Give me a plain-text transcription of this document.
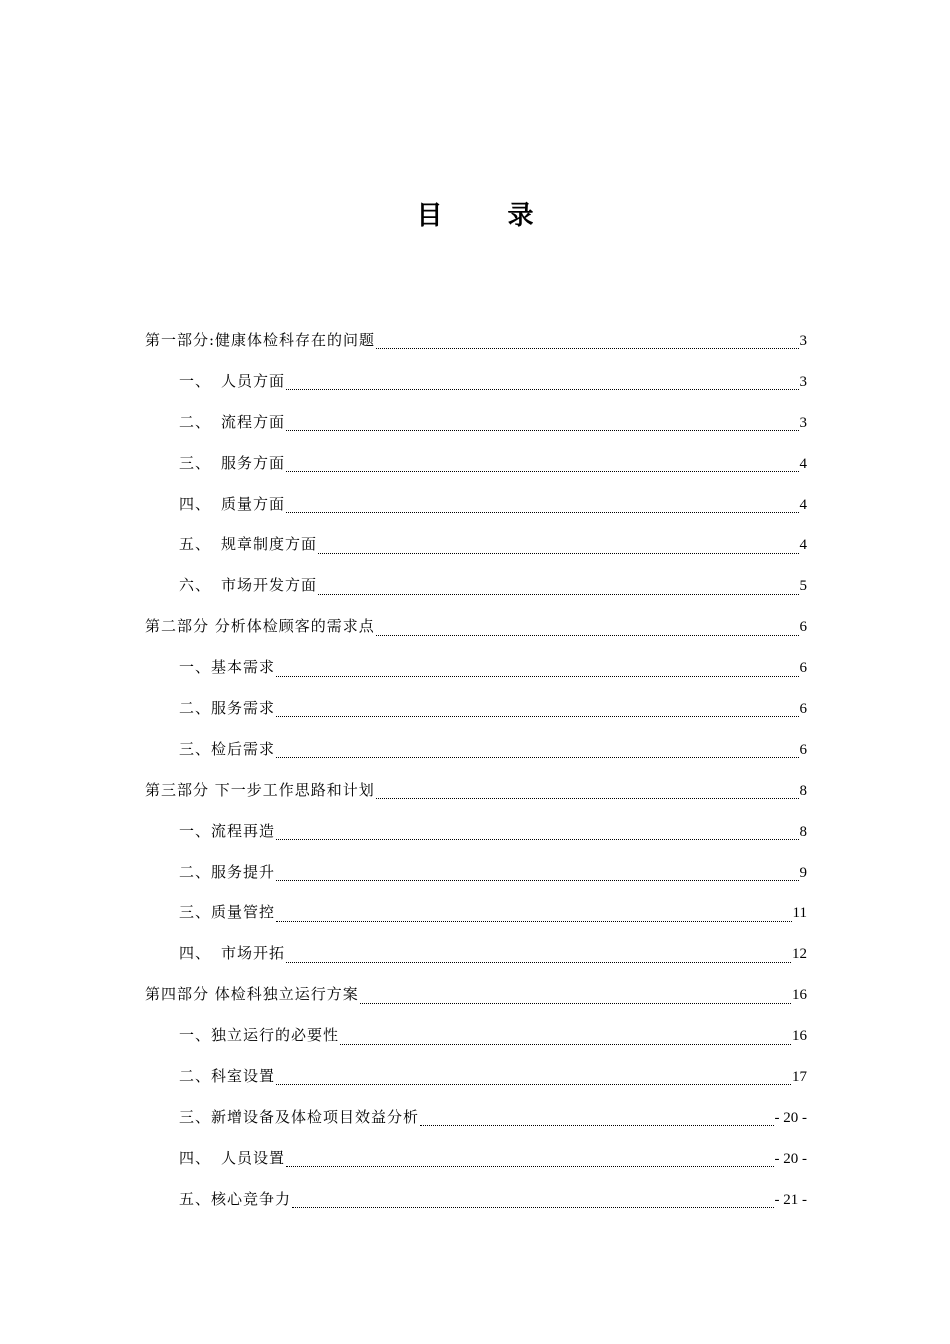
目 录
第一部分:健康体检科存在的问题	3
一、 人员方面	3
二、 流程方面	3
三、 服务方面	4
四、 质量方面	4
五、 规章制度方面	4
六、 市场开发方面	5
第二部分 分析体检顾客的需求点	6
一、基本需求	6
二、服务需求	6
三、检后需求	6
第三部分 下一步工作思路和计划	8
一、流程再造	8
二、服务提升	9
三、质量管控	11
四、 市场开拓	12
第四部分 体检科独立运行方案	16
一、独立运行的必要性	16
二、科室设置	17
三、新增设备及体检项目效益分析	- 20 -
四、 人员设置	- 20 -
五、核心竞争力	- 21 -
